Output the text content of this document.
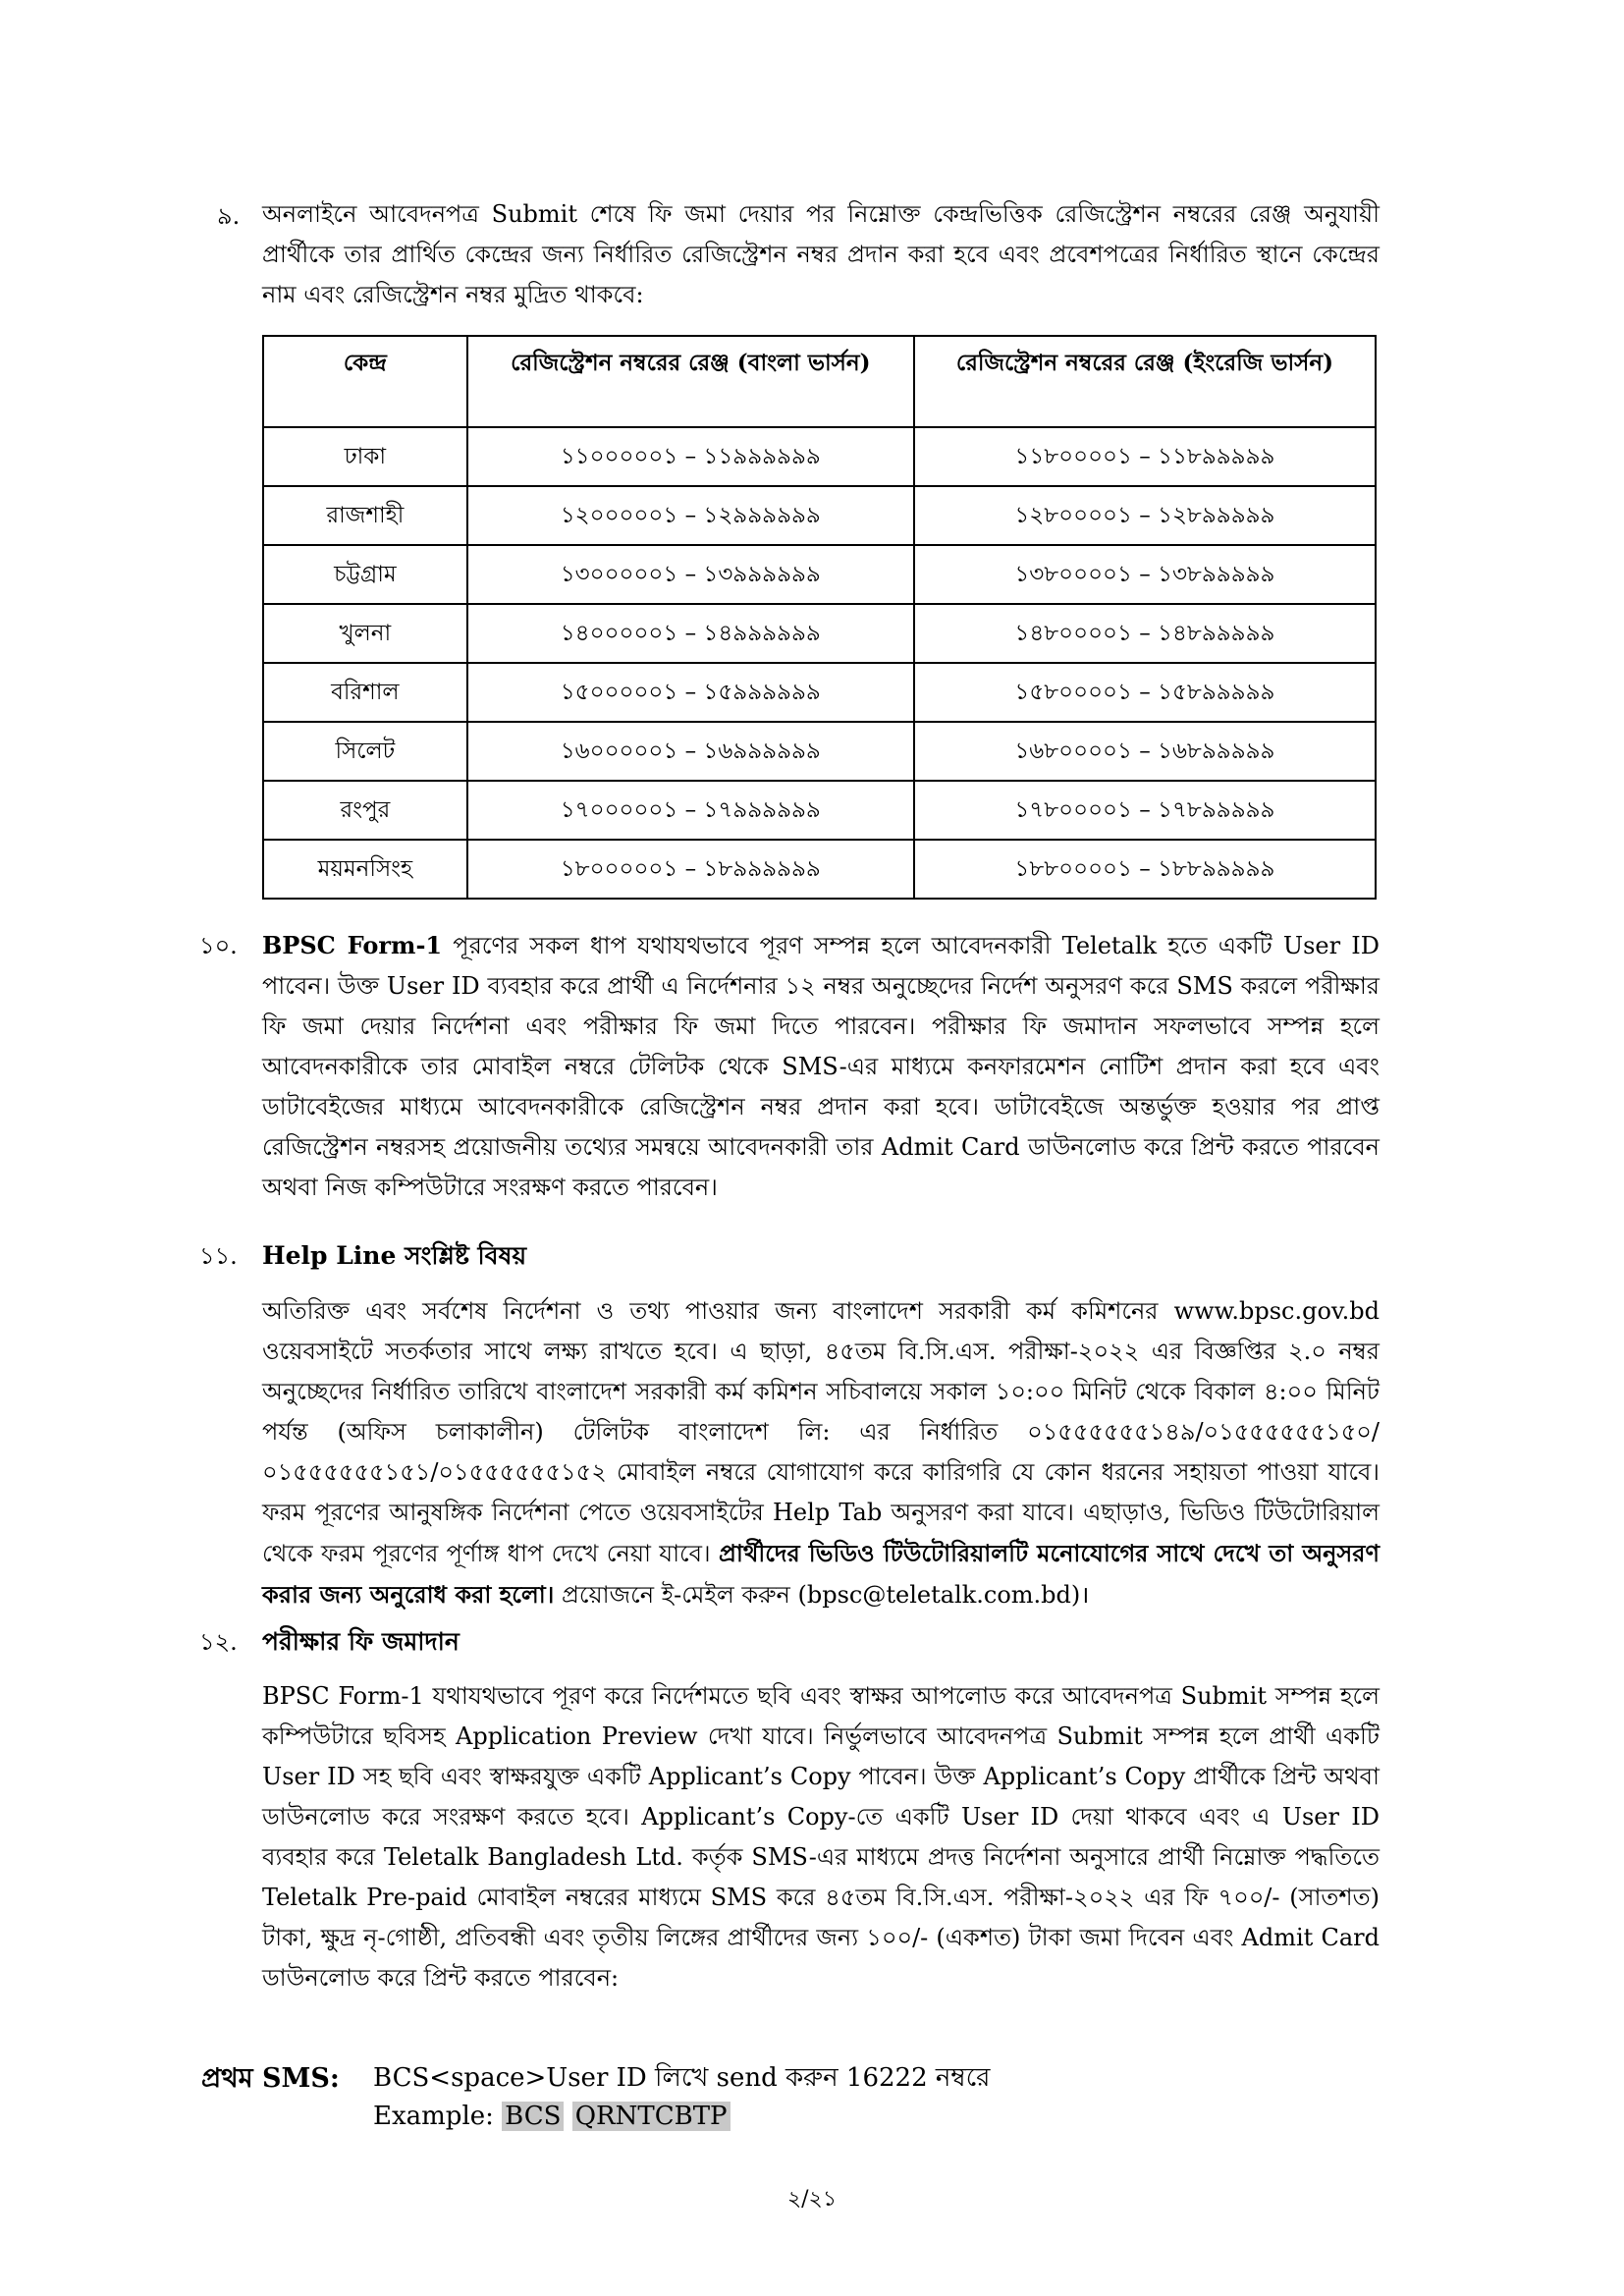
৯. অনলাইনে আবেদনপত্র Submit শেষে ফি জমা দেয়ার পর নিম্নোক্ত কেন্দ্রভিত্তিক রেজিস্ট্রেশন নম্বরের রেঞ্জ অনুযায়ী প্রার্থীকে তার প্রার্থিত কেন্দ্রের জন্য নির্ধারিত রেজিস্ট্রেশন নম্বর প্রদান করা হবে এবং প্রবেশপত্রের নির্ধারিত স্থানে কেন্দ্রের নাম এবং রেজিস্ট্রেশন নম্বর মুদ্রিত থাকবে:
কেন্দ্র	রেজিস্ট্রেশন নম্বরের রেঞ্জ (বাংলা ভার্সন)	রেজিস্ট্রেশন নম্বরের রেঞ্জ (ইংরেজি ভার্সন)
ঢাকা	১১০০০০০১ – ১১৯৯৯৯৯৯	১১৮০০০০১ – ১১৮৯৯৯৯৯
রাজশাহী	১২০০০০০১ – ১২৯৯৯৯৯৯	১২৮০০০০১ – ১২৮৯৯৯৯৯
চট্টগ্রাম	১৩০০০০০১ – ১৩৯৯৯৯৯৯	১৩৮০০০০১ – ১৩৮৯৯৯৯৯
খুলনা	১৪০০০০০১ – ১৪৯৯৯৯৯৯	১৪৮০০০০১ – ১৪৮৯৯৯৯৯
বরিশাল	১৫০০০০০১ – ১৫৯৯৯৯৯৯	১৫৮০০০০১ – ১৫৮৯৯৯৯৯
সিলেট	১৬০০০০০১ – ১৬৯৯৯৯৯৯	১৬৮০০০০১ – ১৬৮৯৯৯৯৯
রংপুর	১৭০০০০০১ – ১৭৯৯৯৯৯৯	১৭৮০০০০১ – ১৭৮৯৯৯৯৯
ময়মনসিংহ	১৮০০০০০১ – ১৮৯৯৯৯৯৯	১৮৮০০০০১ – ১৮৮৯৯৯৯৯
১০. BPSC Form-1 পূরণের সকল ধাপ যথাযথভাবে পূরণ সম্পন্ন হলে আবেদনকারী Teletalk হতে একটি User ID পাবেন। উক্ত User ID ব্যবহার করে প্রার্থী এ নির্দেশনার ১২ নম্বর অনুচ্ছেদের নির্দেশ অনুসরণ করে SMS করলে পরীক্ষার ফি জমা দেয়ার নির্দেশনা এবং পরীক্ষার ফি জমা দিতে পারবেন। পরীক্ষার ফি জমাদান সফলভাবে সম্পন্ন হলে আবেদনকারীকে তার মোবাইল নম্বরে টেলিটক থেকে SMS-এর মাধ্যমে কনফারমেশন নোটিশ প্রদান করা হবে এবং ডাটাবেইজের মাধ্যমে আবেদনকারীকে রেজিস্ট্রেশন নম্বর প্রদান করা হবে। ডাটাবেইজে অন্তর্ভুক্ত হওয়ার পর প্রাপ্ত রেজিস্ট্রেশন নম্বরসহ প্রয়োজনীয় তথ্যের সমন্বয়ে আবেদনকারী তার Admit Card ডাউনলোড করে প্রিন্ট করতে পারবেন অথবা নিজ কম্পিউটারে সংরক্ষণ করতে পারবেন।
১১. Help Line সংশ্লিষ্ট বিষয়
অতিরিক্ত এবং সর্বশেষ নির্দেশনা ও তথ্য পাওয়ার জন্য বাংলাদেশ সরকারী কর্ম কমিশনের www.bpsc.gov.bd ওয়েবসাইটে সতর্কতার সাথে লক্ষ্য রাখতে হবে। এ ছাড়া, ৪৫তম বি.সি.এস. পরীক্ষা-২০২২ এর বিজ্ঞপ্তির ২.০ নম্বর অনুচ্ছেদের নির্ধারিত তারিখে বাংলাদেশ সরকারী কর্ম কমিশন সচিবালয়ে সকাল ১০:০০ মিনিট থেকে বিকাল ৪:০০ মিনিট পর্যন্ত (অফিস চলাকালীন) টেলিটক বাংলাদেশ লি: এর নির্ধারিত ০১৫৫৫৫৫৫১৪৯/০১৫৫৫৫৫৫১৫০/ ০১৫৫৫৫৫৫১৫১/০১৫৫৫৫৫৫১৫২ মোবাইল নম্বরে যোগাযোগ করে কারিগরি যে কোন ধরনের সহায়তা পাওয়া যাবে। ফরম পূরণের আনুষঙ্গিক নির্দেশনা পেতে ওয়েবসাইটের Help Tab অনুসরণ করা যাবে। এছাড়াও, ভিডিও টিউটোরিয়াল থেকে ফরম পূরণের পূর্ণাঙ্গ ধাপ দেখে নেয়া যাবে। প্রার্থীদের ভিডিও টিউটোরিয়ালটি মনোযোগের সাথে দেখে তা অনুসরণ করার জন্য অনুরোধ করা হলো। প্রয়োজনে ই-মেইল করুন (bpsc@teletalk.com.bd)।
১২. পরীক্ষার ফি জমাদান
BPSC Form-1 যথাযথভাবে পূরণ করে নির্দেশমতে ছবি এবং স্বাক্ষর আপলোড করে আবেদনপত্র Submit সম্পন্ন হলে কম্পিউটারে ছবিসহ Application Preview দেখা যাবে। নির্ভুলভাবে আবেদনপত্র Submit সম্পন্ন হলে প্রার্থী একটি User ID সহ ছবি এবং স্বাক্ষরযুক্ত একটি Applicant’s Copy পাবেন। উক্ত Applicant’s Copy প্রার্থীকে প্রিন্ট অথবা ডাউনলোড করে সংরক্ষণ করতে হবে। Applicant’s Copy-তে একটি User ID দেয়া থাকবে এবং এ User ID ব্যবহার করে Teletalk Bangladesh Ltd. কর্তৃক SMS-এর মাধ্যমে প্রদত্ত নির্দেশনা অনুসারে প্রার্থী নিম্নোক্ত পদ্ধতিতে Teletalk Pre-paid মোবাইল নম্বরের মাধ্যমে SMS করে ৪৫তম বি.সি.এস. পরীক্ষা-২০২২ এর ফি ৭০০/- (সাতশত) টাকা, ক্ষুদ্র নৃ-গোষ্ঠী, প্রতিবন্ধী এবং তৃতীয় লিঙ্গের প্রার্থীদের জন্য ১০০/- (একশত) টাকা জমা দিবেন এবং Admit Card ডাউনলোড করে প্রিন্ট করতে পারবেন:
প্রথম SMS: BCS<space>User ID লিখে send করুন 16222 নম্বরে
Example: BCS QRNTCBTP
২/২১
